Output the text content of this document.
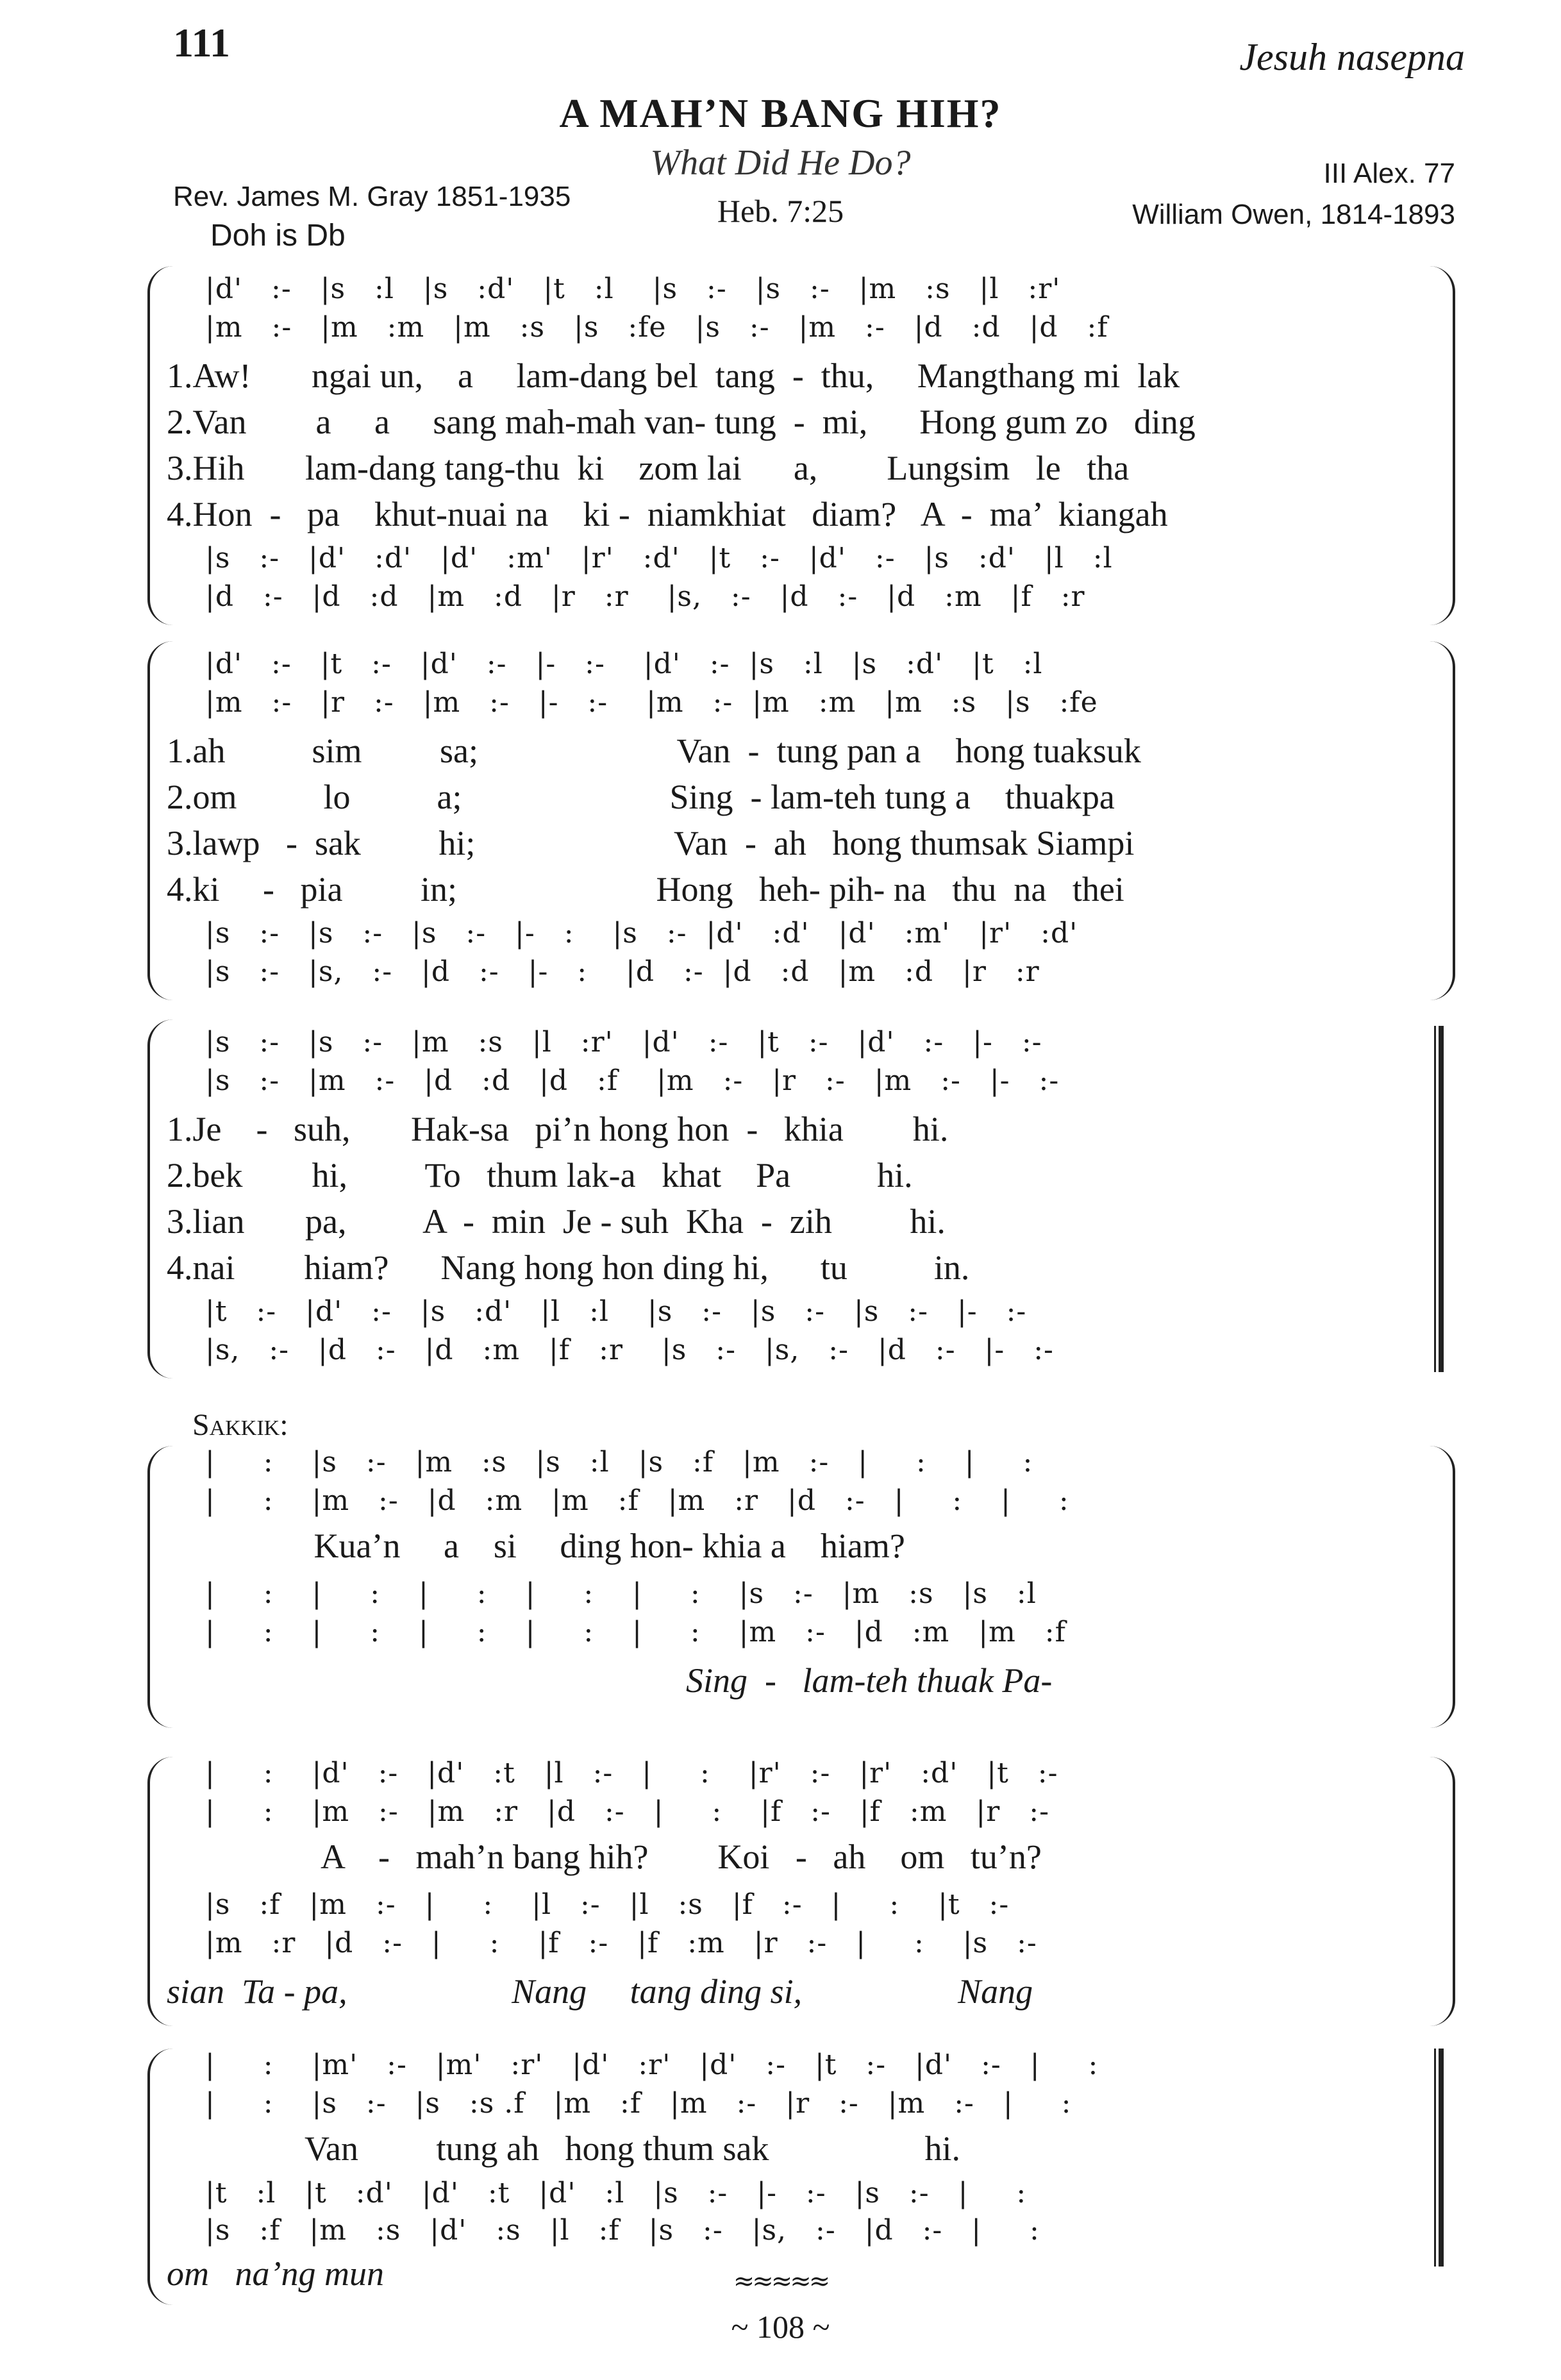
111	Jesuh nasepna
A MAH’N BANG HIH?
What Did He Do?
Heb. 7:25
Rev. James M. Gray 1851-1935
Doh is Db
III Alex. 77
William Owen, 1814-1893
|d'   :-   |s   :l   |s   :d'   |t   :l    |s   :-   |s   :-   |m   :s   |l   :r'
|m   :-   |m   :m   |m   :s   |s   :fe   |s   :-   |m   :-   |d   :d   |d   :f
1.Aw!       ngai un,    a     lam-dang bel  tang  -  thu,     Mangthang mi  lak
2.Van        a     a     sang mah-mah van- tung  -  mi,      Hong gum zo   ding
3.Hih       lam-dang tang-thu  ki    zom lai      a,        Lungsim   le   tha
4.Hon  -   pa    khut-nuai na    ki -  niamkhiat   diam?   A  -  ma’  kiangah
|s   :-   |d'   :d'   |d'   :m'   |r'   :d'   |t   :-   |d'   :-   |s   :d'   |l   :l
|d   :-   |d   :d   |m   :d   |r   :r    |s,   :-   |d   :-   |d   :m   |f   :r
|d'   :-   |t   :-   |d'   :-   |-   :-    |d'   :-  |s   :l   |s   :d'   |t   :l
|m   :-   |r   :-   |m   :-   |-   :-    |m   :-  |m   :m   |m   :s   |s   :fe
1.ah          sim         sa;                       Van  -  tung pan a    hong tuaksuk
2.om          lo          a;                        Sing  - lam-teh tung a    thuakpa
3.lawp   -  sak         hi;                       Van  -  ah   hong thumsak Siampi
4.ki     -   pia         in;                       Hong   heh- pih- na   thu  na   thei
|s   :-   |s   :-   |s   :-   |-   :    |s   :-  |d'   :d'   |d'   :m'   |r'   :d'
|s   :-   |s,   :-   |d   :-   |-   :    |d   :-  |d   :d   |m   :d   |r   :r
|s   :-   |s   :-   |m   :s   |l   :r'   |d'   :-   |t   :-   |d'   :-   |-   :-
|s   :-   |m   :-   |d   :d   |d   :f    |m   :-   |r   :-   |m   :-   |-   :-
1.Je    -   suh,       Hak-sa   pi’n hong hon  -   khia        hi.
2.bek        hi,         To   thum lak-a   khat    Pa          hi.
3.lian       pa,         A  -  min  Je - suh  Kha  -  zih         hi.
4.nai        hiam?      Nang hong hon ding hi,      tu          in.
|t   :-   |d'   :-   |s   :d'   |l   :l    |s   :-   |s   :-   |s   :-   |-   :-
|s,   :-   |d   :-   |d   :m   |f   :r    |s   :-   |s,   :-   |d   :-   |-   :-
Sakkik:
|     :    |s   :-   |m   :s   |s   :l   |s   :f   |m   :-   |     :    |     :
|     :    |m   :-   |d   :m   |m   :f   |m   :r   |d   :-   |     :    |     :
Kua’n     a    si     ding hon- khia a    hiam?
|     :    |     :    |     :    |     :    |     :    |s   :-   |m   :s   |s   :l
|     :    |     :    |     :    |     :    |     :    |m   :-   |d   :m   |m   :f
Sing  -   lam-teh thuak Pa-
|     :    |d'   :-   |d'   :t   |l   :-   |     :    |r'   :-   |r'   :d'   |t   :-
|     :    |m   :-   |m   :r   |d   :-   |     :    |f   :-   |f   :m   |r   :-
A    -   mah’n bang hih?        Koi   -   ah    om   tu’n?
|s   :f   |m   :-   |     :    |l   :-   |l   :s   |f   :-   |     :    |t   :-
|m   :r   |d   :-   |     :    |f   :-   |f   :m   |r   :-   |     :    |s   :-
sian  Ta - pa,                   Nang     tang ding si,                  Nang
|     :    |m'   :-   |m'   :r'   |d'   :r'   |d'   :-   |t   :-   |d'   :-   |     :
|     :    |s   :-   |s   :s .f   |m   :f   |m   :-   |r   :-   |m   :-   |     :
Van         tung ah   hong thum sak                  hi.
|t   :l   |t   :d'   |d'   :t   |d'   :l   |s   :-   |-   :-   |s   :-   |     :
|s   :f   |m   :s   |d'   :s   |l   :f   |s   :-   |s,   :-   |d   :-   |     :
om   na’ng mun	≈≈≈≈≈
~ 108 ~
